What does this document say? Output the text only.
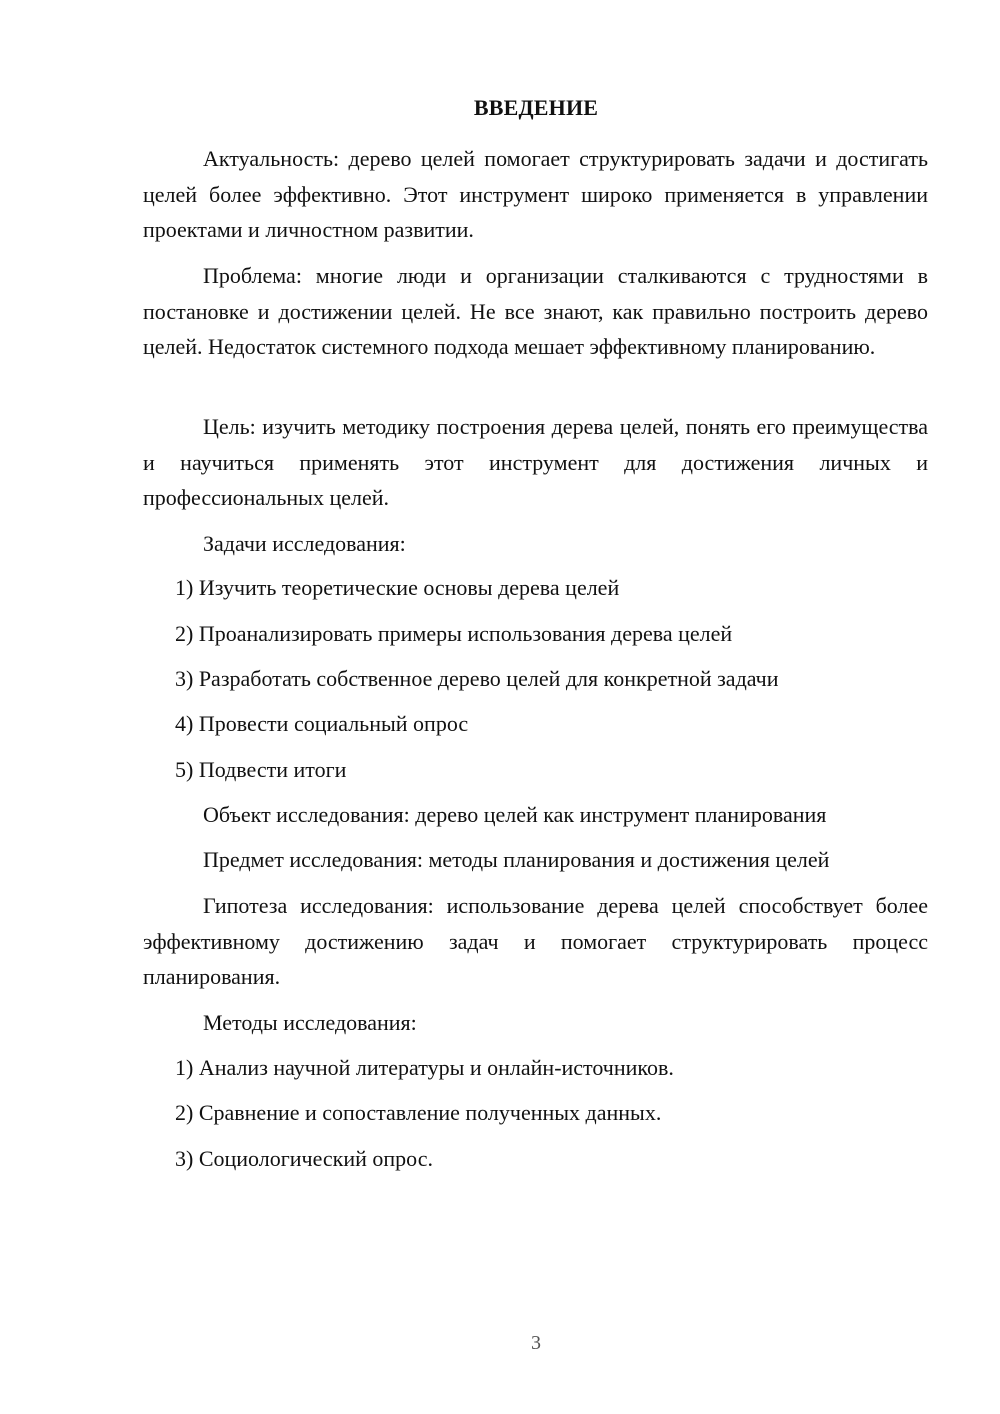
ВВЕДЕНИЕ

Актуальность: дерево целей помогает структурировать задачи и достигать целей более эффективно. Этот инструмент широко применяется в управлении проектами и личностном развитии.

Проблема: многие люди и организации сталкиваются с трудностями в постановке и достижении целей. Не все знают, как правильно построить дерево целей. Недостаток системного подхода мешает эффективному планированию.

Цель: изучить методику построения дерева целей, понять его преимущества и научиться применять этот инструмент для достижения личных и профессиональных целей.

Задачи исследования:
1) Изучить теоретические основы дерева целей
2) Проанализировать примеры использования дерева целей
3) Разработать собственное дерево целей для конкретной задачи
4) Провести социальный опрос
5) Подвести итоги
Объект исследования: дерево целей как инструмент планирования
Предмет исследования: методы планирования и достижения целей

Гипотеза исследования: использование дерева целей способствует более эффективному достижению задач и помогает структурировать процесс планирования.

Методы исследования:
1) Анализ научной литературы и онлайн-источников.
2) Сравнение и сопоставление полученных данных.
3) Социологический опрос.
3
